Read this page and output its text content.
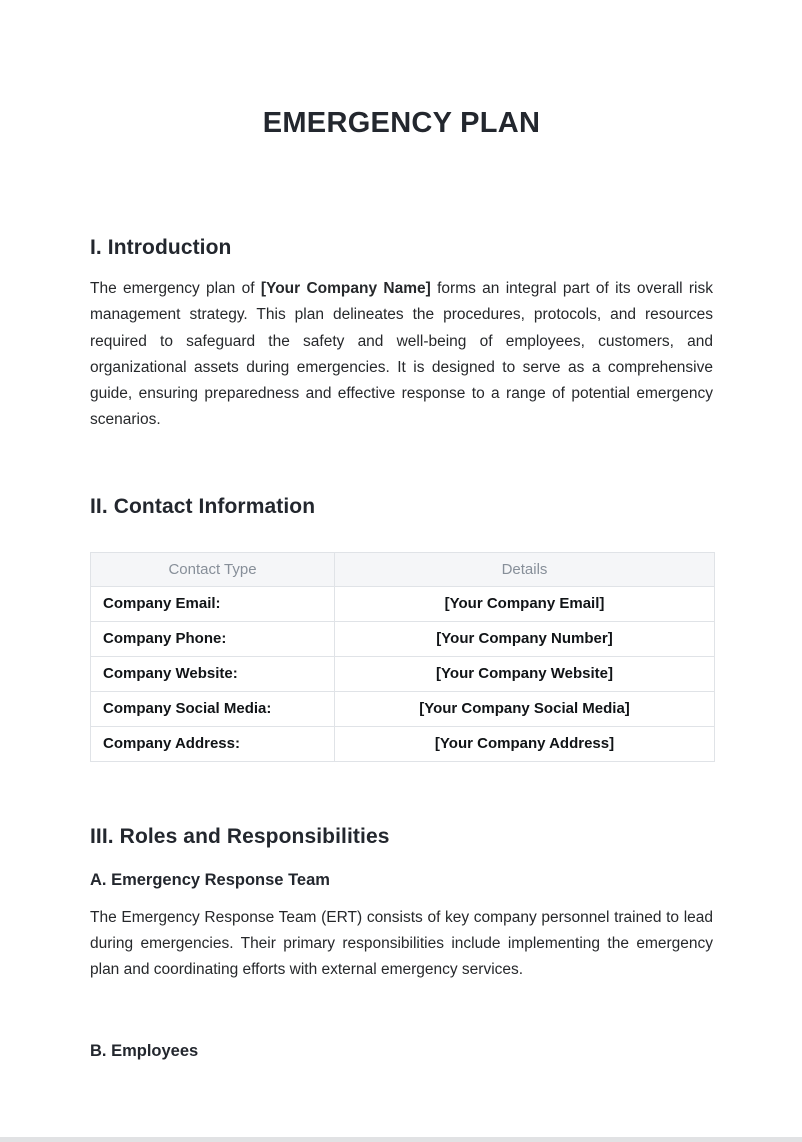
EMERGENCY PLAN
I. Introduction

The emergency plan of [Your Company Name] forms an integral part of its overall risk management strategy. This plan delineates the procedures, protocols, and resources required to safeguard the safety and well-being of employees, customers, and organizational assets during emergencies. It is designed to serve as a comprehensive guide, ensuring preparedness and effective response to a range of potential emergency scenarios.

II. Contact Information
Contact Type	Details
Company Email:	[Your Company Email]
Company Phone:	[Your Company Number]
Company Website:	[Your Company Website]
Company Social Media:	[Your Company Social Media]
Company Address:	[Your Company Address]
III. Roles and Responsibilities
A. Emergency Response Team

The Emergency Response Team (ERT) consists of key company personnel trained to lead during emergencies. Their primary responsibilities include implementing the emergency plan and coordinating efforts with external emergency services.

B. Employees
